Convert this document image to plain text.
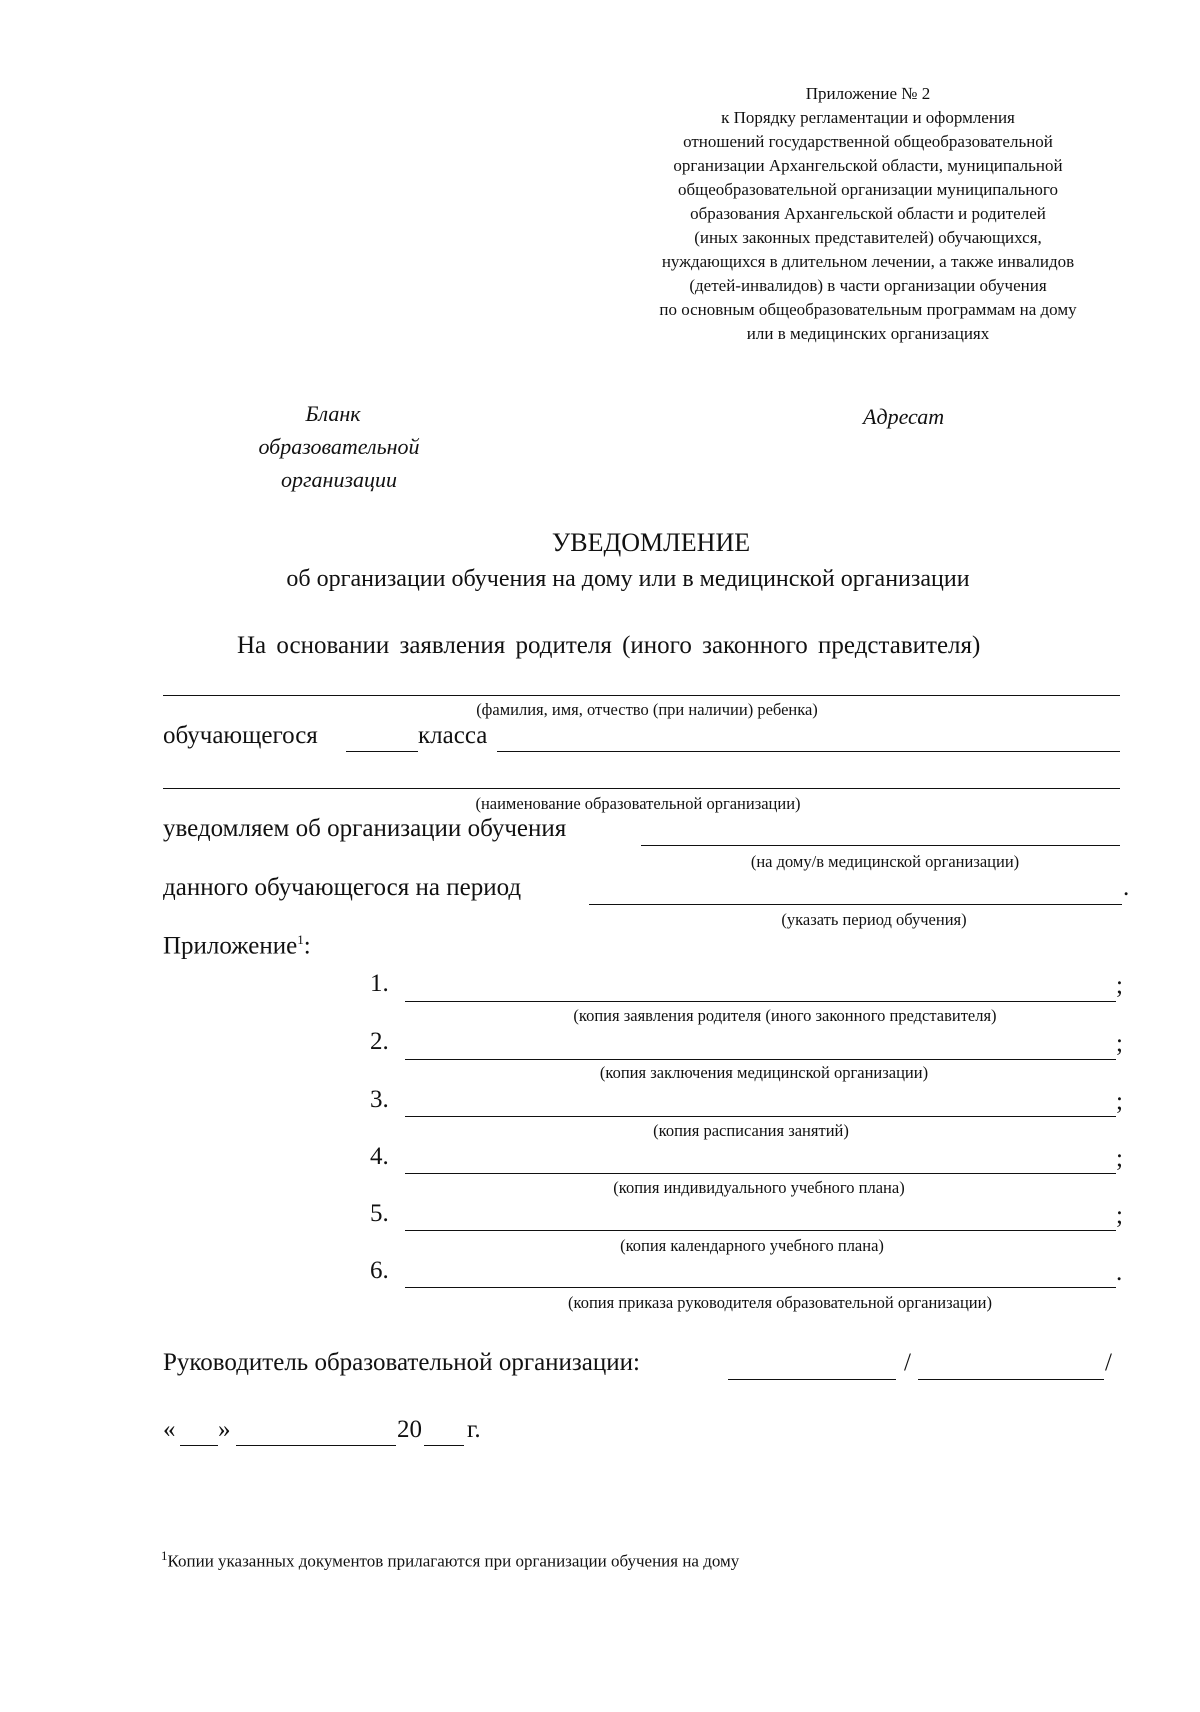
Приложение № 2
к Порядку регламентации и оформления
отношений государственной общеобразовательной
организации Архангельской области, муниципальной
общеобразовательной организации муниципального
образования Архангельской области и родителей
(иных законных представителей) обучающихся,
нуждающихся в длительном лечении, а также инвалидов
(детей-инвалидов) в части организации обучения
по основным общеобразовательным программам на дому
или в медицинских организациях
Бланк
образовательной
организации
Адресат
УВЕДОМЛЕНИЕ
об организации обучения на дому или в медицинской организации
На основании заявления родителя (иного законного представителя)
(фамилия, имя, отчество (при наличии) ребенка)
обучающегося	класса
(наименование образовательной организации)
уведомляем об организации обучения
(на дому/в медицинской организации)
данного обучающегося на период	.
(указать период обучения)
Приложение$^1$:
1.	;
(копия заявления родителя (иного законного представителя)
2.	;
(копия заключения медицинской организации)
3.	;
(копия расписания занятий)
4.	;
(копия индивидуального учебного плана)
5.	;
(копия календарного учебного плана)
6.	.
(копия приказа руководителя образовательной организации)
Руководитель образовательной организации:	/	/
« »	20 г.
$^1$Копии указанных документов прилагаются при организации обучения на дому
